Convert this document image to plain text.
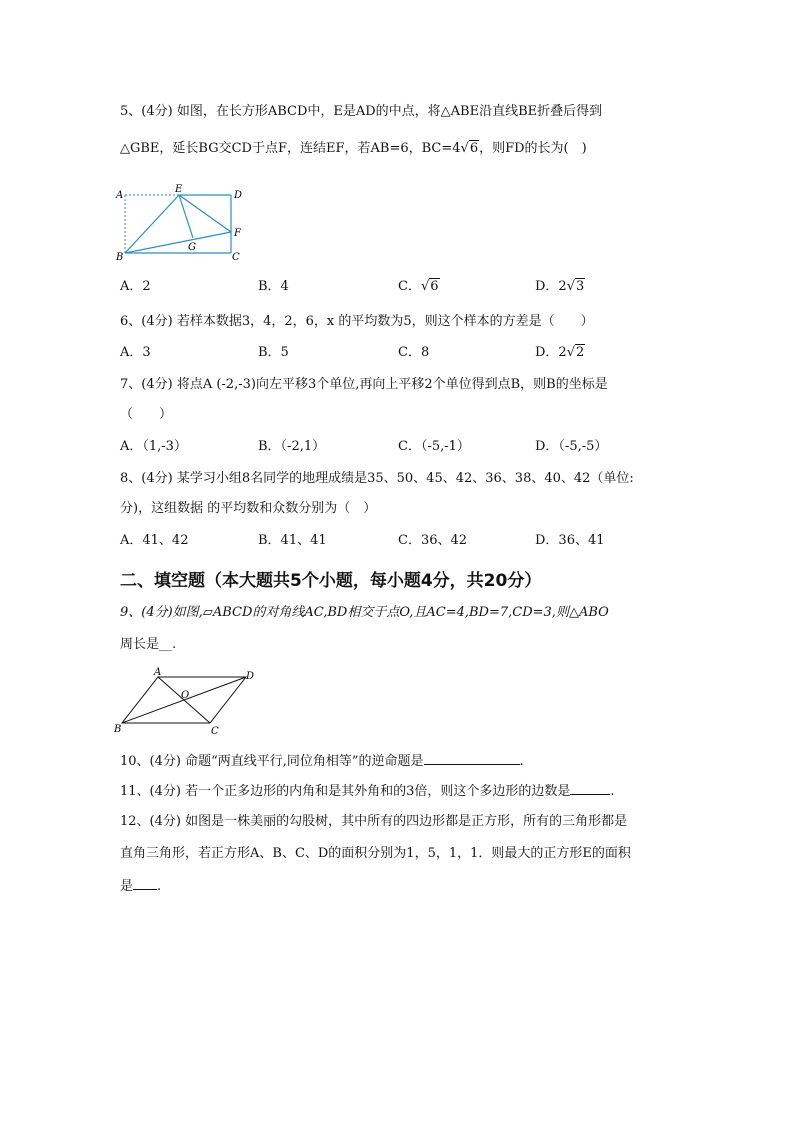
5、(4分) 如图，在长方形ABCD中，E是AD的中点，将△ABE沿直线BE折叠后得到
△GBE，延长BG交CD于点F，连结EF，若AB=6，BC=4√6，则FD的长为(　)
A
E
D
F
G
B	C
A．2	B．4	C．√6	D．2√3
6、(4分) 若样本数据3，4，2，6，x 的平均数为5，则这个样本的方差是（　　）
A．3	B．5	C．8	D．2√2
7、(4分) 将点A (-2,-3)向左平移3个单位,再向上平移2个单位得到点B，则B的坐标是
（　　）
A．（1,-3）	B．（-2,1）	C．（-5,-1）	D．（-5,-5）
8、(4分) 某学习小组8名同学的地理成绩是35、50、45、42、36、38、40、42（单位:
分)，这组数据 的平均数和众数分别为（　）
A．41、42	B．41、41	C．36、42	D．36、41
二、填空题（本大题共5个小题，每小题4分，共20分）
9、(4分)如图,▱ABCD的对角线AC,BD相交于点O,且AC=4,BD=7,CD=3,则△ABO
周长是__.
A	D
O
B	C
10、(4分) 命题“两直线平行,同位角相等”的逆命题是	.
11、(4分) 若一个正多边形的内角和是其外角和的3倍，则这个多边形的边数是	.
12、(4分) 如图是一株美丽的勾股树，其中所有的四边形都是正方形，所有的三角形都是
直角三角形，若正方形A、B、C、D的面积分别为1，5，1，1．则最大的正方形E的面积
是 .
